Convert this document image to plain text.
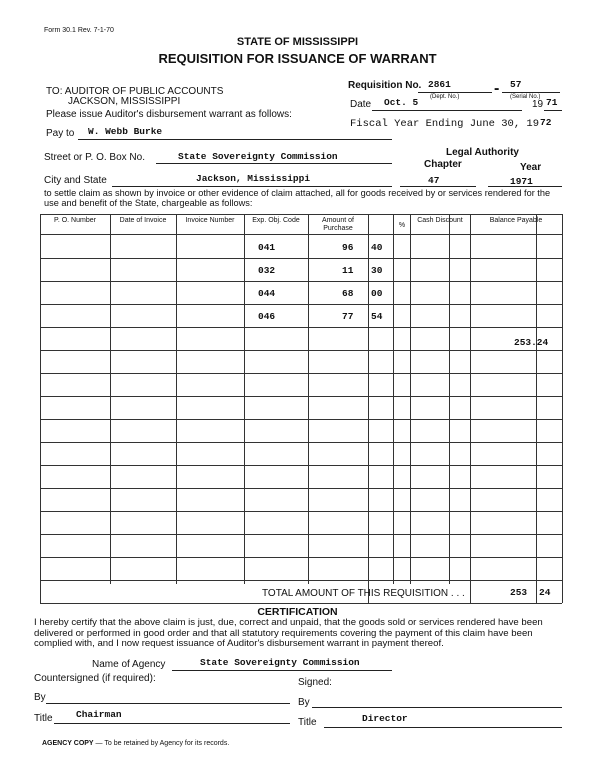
Form 30.1 Rev. 7-1-70
STATE OF MISSISSIPPI
REQUISITION FOR ISSUANCE OF WARRANT
TO: AUDITOR OF PUBLIC ACCOUNTS
JACKSON, MISSISSIPPI
Please issue Auditor's disbursement warrant as follows:
Requisition No. 2861	- 57
(Dept. No.)	(Serial No.)
Date Oct. 5	19 71
Fiscal Year Ending June 30, 19 72
Pay to W. Webb Burke
Legal Authority
Street or P. O. Box No.	State Sovereignty Commission
Chapter	Year
City and State	Jackson, Mississippi	47	1971
to settle claim as shown by invoice or other evidence of claim attached, all for goods received by or services rendered for the use and benefit of the State, chargeable as follows:
P. O. Number	Date of Invoice	Invoice Number	Exp. Obj. Code	Amount of Purchase	%
Cash Discount	Balance Payable
041	96 40
032	11 30
044	68 00
046	77 54
253.24
TOTAL AMOUNT OF THIS REQUISITION . . .	253 24
CERTIFICATION
I hereby certify that the above claim is just, due, correct and unpaid, that the goods sold or services rendered have been delivered or performed in good order and that all statutory requirements covering the payment of this claim have been complied with, and I now request issuance of Auditor's disbursement warrant in payment thereof.
Name of Agency	State Sovereignty Commission
Countersigned (if required):	Signed:
By	By
Title Chairman
Title	Director
AGENCY COPY — To be retained by Agency for its records.
